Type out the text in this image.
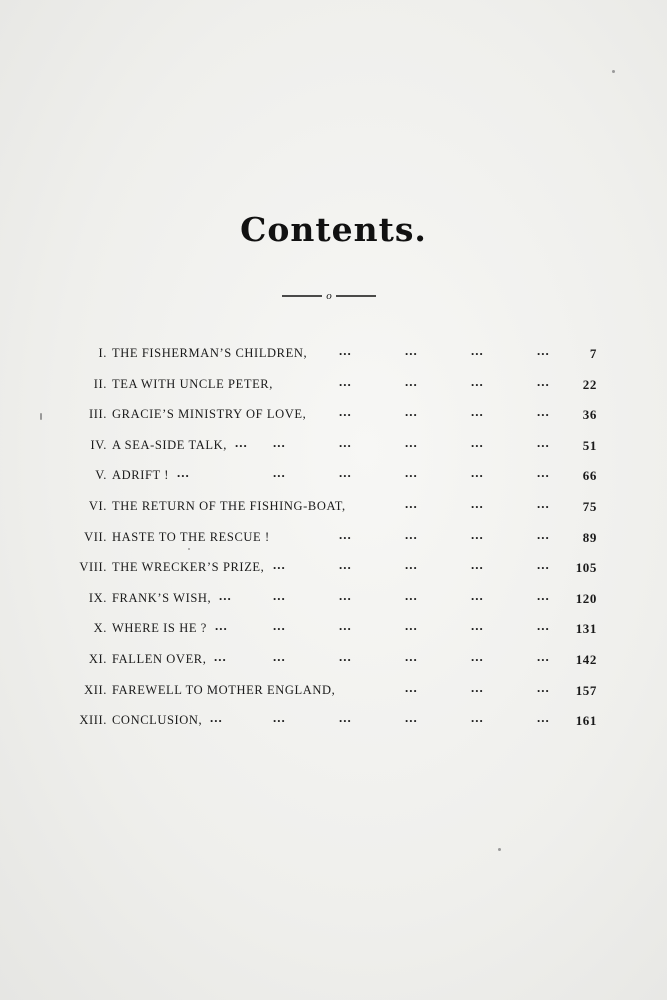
Contents.
o
I. THE FISHERMAN’S CHILDREN,	7
...	...	...	...
II. TEA WITH UNCLE PETER,	22
...	...	...	...
III. GRACIE’S MINISTRY OF LOVE,	36
...	...	...	...
IV. A SEA-SIDE TALK,	51
...	...	...	...	...
...
V. ADRIFT !	66
...	...	...	...	...
...
VI. THE RETURN OF THE FISHING-BOAT,	75
...	...	...
VII. HASTE TO THE RESCUE !	89
...	...	...	...
VIII. THE WRECKER’S PRIZE,	105
...	...	...	...	...
IX. FRANK’S WISH,	120
...	...	...	...	...
...
X. WHERE IS HE ?	131
...	...	...	...	...
...
XI. FALLEN OVER,	142
...	...	...	...	...
...
XII. FAREWELL TO MOTHER ENGLAND,	157
...	...	...
XIII. CONCLUSION,	161
...	...	...	...	...
...
